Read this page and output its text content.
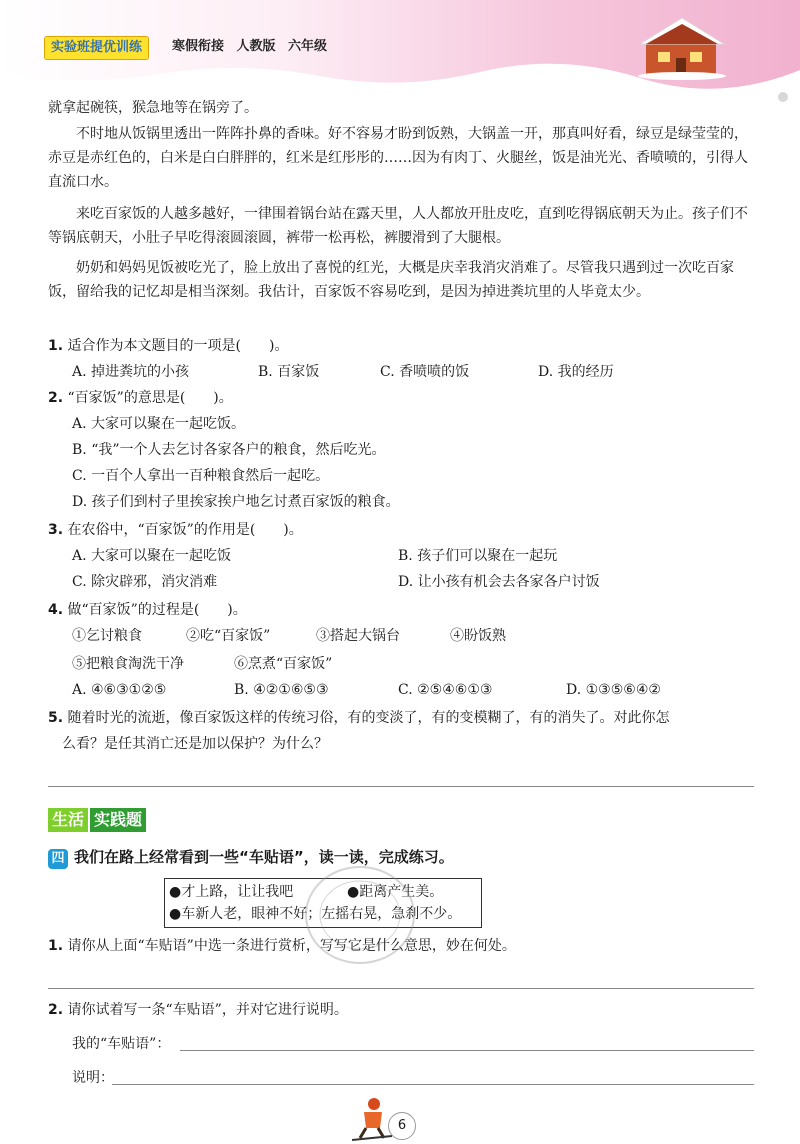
实验班提优训练	寒假衔接 人教版 六年级

就拿起碗筷，猴急地等在锅旁了。

不时地从饭锅里透出一阵阵扑鼻的香味。好不容易才盼到饭熟，大锅盖一开，那真叫好看，绿豆是绿莹莹的，赤豆是赤红色的，白米是白白胖胖的，红米是红彤彤的……因为有肉丁、火腿丝，饭是油光光、香喷喷的，引得人直流口水。

来吃百家饭的人越多越好，一律围着锅台站在露天里，人人都放开肚皮吃，直到吃得锅底朝天为止。孩子们不等锅底朝天，小肚子早吃得滚圆滚圆，裤带一松再松，裤腰滑到了大腿根。

奶奶和妈妈见饭被吃光了，脸上放出了喜悦的红光，大概是庆幸我消灾消难了。尽管我只遇到过一次吃百家饭，留给我的记忆却是相当深刻。我估计，百家饭不容易吃到，是因为掉进粪坑里的人毕竟太少。

1. 适合作为本文题目的一项是(　　)。
A. 掉进粪坑的小孩	B. 百家饭	C. 香喷喷的饭	D. 我的经历
2. “百家饭”的意思是(　　)。
A. 大家可以聚在一起吃饭。
B. “我”一个人去乞讨各家各户的粮食，然后吃光。
C. 一百个人拿出一百种粮食然后一起吃。
D. 孩子们到村子里挨家挨户地乞讨煮百家饭的粮食。
3. 在农俗中，“百家饭”的作用是(　　)。
A. 大家可以聚在一起吃饭	B. 孩子们可以聚在一起玩
C. 除灾辟邪，消灾消难	D. 让小孩有机会去各家各户讨饭
4. 做“百家饭”的过程是(　　)。
①乞讨粮食	②吃“百家饭”	③搭起大锅台	④盼饭熟
⑤把粮食淘洗干净	⑥烹煮“百家饭”
A. ④⑥③①②⑤	B. ④②①⑥⑤③	C. ②⑤④⑥①③	D. ①③⑤⑥④②
5. 随着时光的流逝，像百家饭这样的传统习俗，有的变淡了，有的变模糊了，有的消失了。对此你怎
么看？是任其消亡还是加以保护？为什么？
生活 实践题
四 我们在路上经常看到一些“车贴语”，读一读，完成练习。
●才上路，让让我吧	●距离产生美。
●车新人老，眼神不好；左摇右晃，急刹不少。
1. 请你从上面“车贴语”中选一条进行赏析，写写它是什么意思，妙在何处。
2. 请你试着写一条“车贴语”，并对它进行说明。
我的“车贴语”：
说明：
6
